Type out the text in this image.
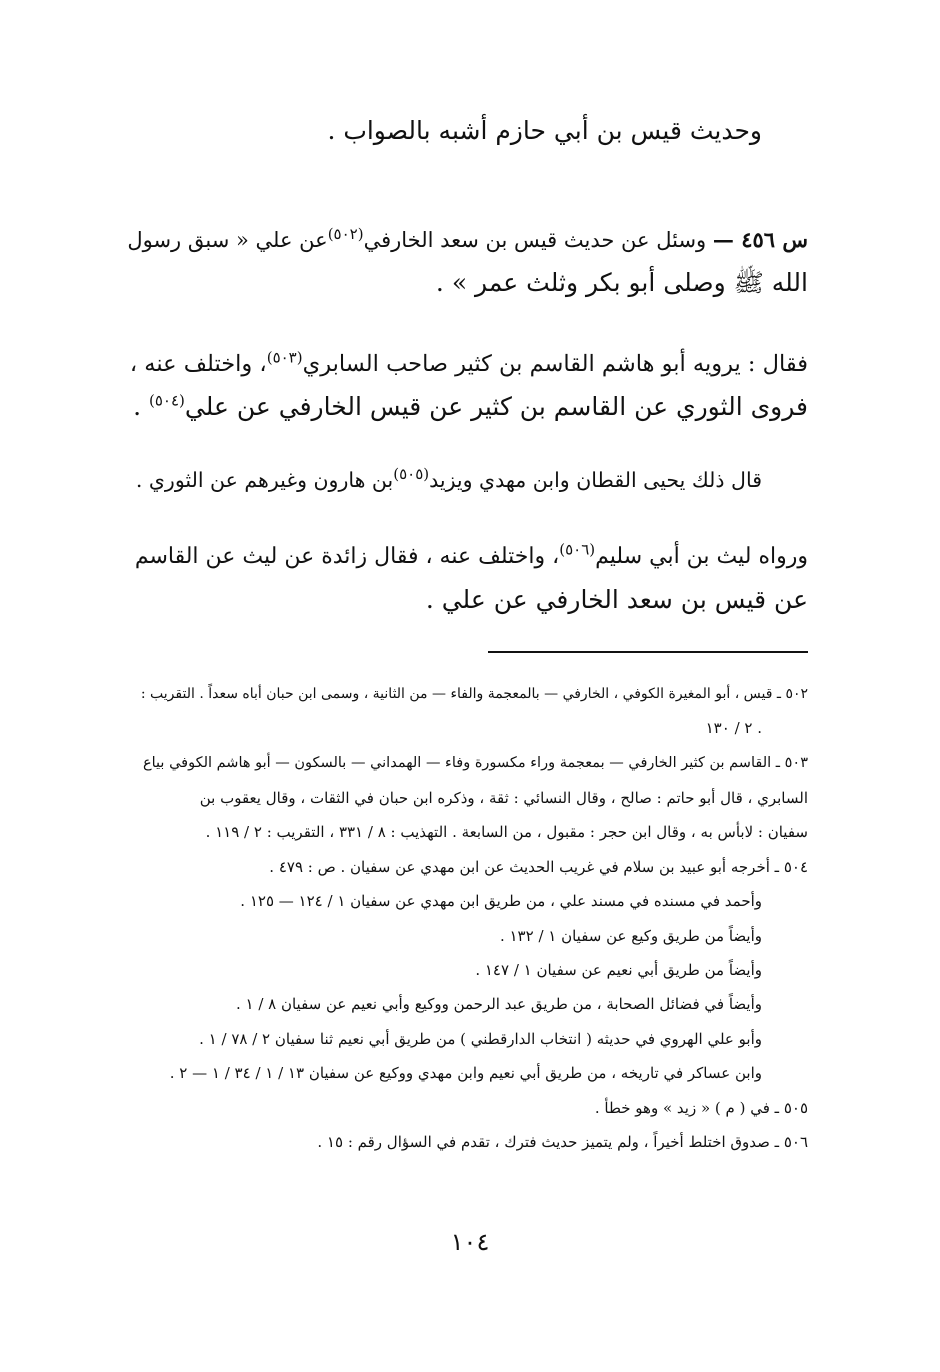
وحديث قيس بن أبي حازم أشبه بالصواب .
س ٤٥٦ — وسئل عن حديث قيس بن سعد الخارفي$^{(٥٠٢)}$عن علي « سبق رسول
الله ﷺ وصلى أبو بكر وثلث عمر » .
فقال : يرويه أبو هاشم القاسم بن كثير صاحب السابري$^{(٥٠٣)}$، واختلف عنه ،
فروى الثوري عن القاسم بن كثير عن قيس الخارفي عن علي$^{(٥٠٤)}$ .
قال ذلك يحيى القطان وابن مهدي ويزيد$^{(٥٠٥)}$بن هارون وغيرهم عن الثوري .
ورواه ليث بن أبي سليم$^{(٥٠٦)}$، واختلف عنه ، فقال زائدة عن ليث عن القاسم
عن قيس بن سعد الخارفي عن علي .
٥٠٢ ـ قيس ، أبو المغيرة الكوفي ، الخارفي — بالمعجمة والفاء — من الثانية ، وسمى ابن حبان أباه سعداً . التقريب :
٢ / ١٣٠ .
٥٠٣ ـ القاسم بن كثير الخارفي — بمعجمة وراء مكسورة وفاء — الهمداني — بالسكون — أبو هاشم الكوفي بياع
السابري ، قال أبو حاتم : صالح ، وقال النسائي : ثقة ، وذكره ابن حبان في الثقات ، وقال يعقوب بن
سفيان : لابأس به ، وقال ابن حجر : مقبول ، من السابعة . التهذيب : ٨ / ٣٣١ ، التقريب : ٢ / ١١٩ .
٥٠٤ ـ أخرجه أبو عبيد بن سلام في غريب الحديث عن ابن مهدي عن سفيان . ص : ٤٧٩ .
وأحمد في مسنده في مسند علي ، من طريق ابن مهدي عن سفيان ١ / ١٢٤ — ١٢٥ .
وأيضاً من طريق وكيع عن سفيان ١ / ١٣٢ .
وأيضاً من طريق أبي نعيم عن سفيان ١ / ١٤٧ .
وأيضاً في فضائل الصحابة ، من طريق عبد الرحمن ووكيع وأبي نعيم عن سفيان ٨ / ١ .
وأبو علي الهروي في حديثه ( انتخاب الدارقطني ) من طريق أبي نعيم ثنا سفيان ٢ / ٧٨ / ١ .
وابن عساكر في تاريخه ، من طريق أبي نعيم وابن مهدي ووكيع عن سفيان ١٣ / ١ / ٣٤ / ١ — ٢ .
٥٠٥ ـ في ( م ) « زيد » وهو خطأ .
٥٠٦ ـ صدوق اختلط أخيراً ، ولم يتميز حديث فترك ، تقدم في السؤال رقم : ١٥ .
١٠٤
